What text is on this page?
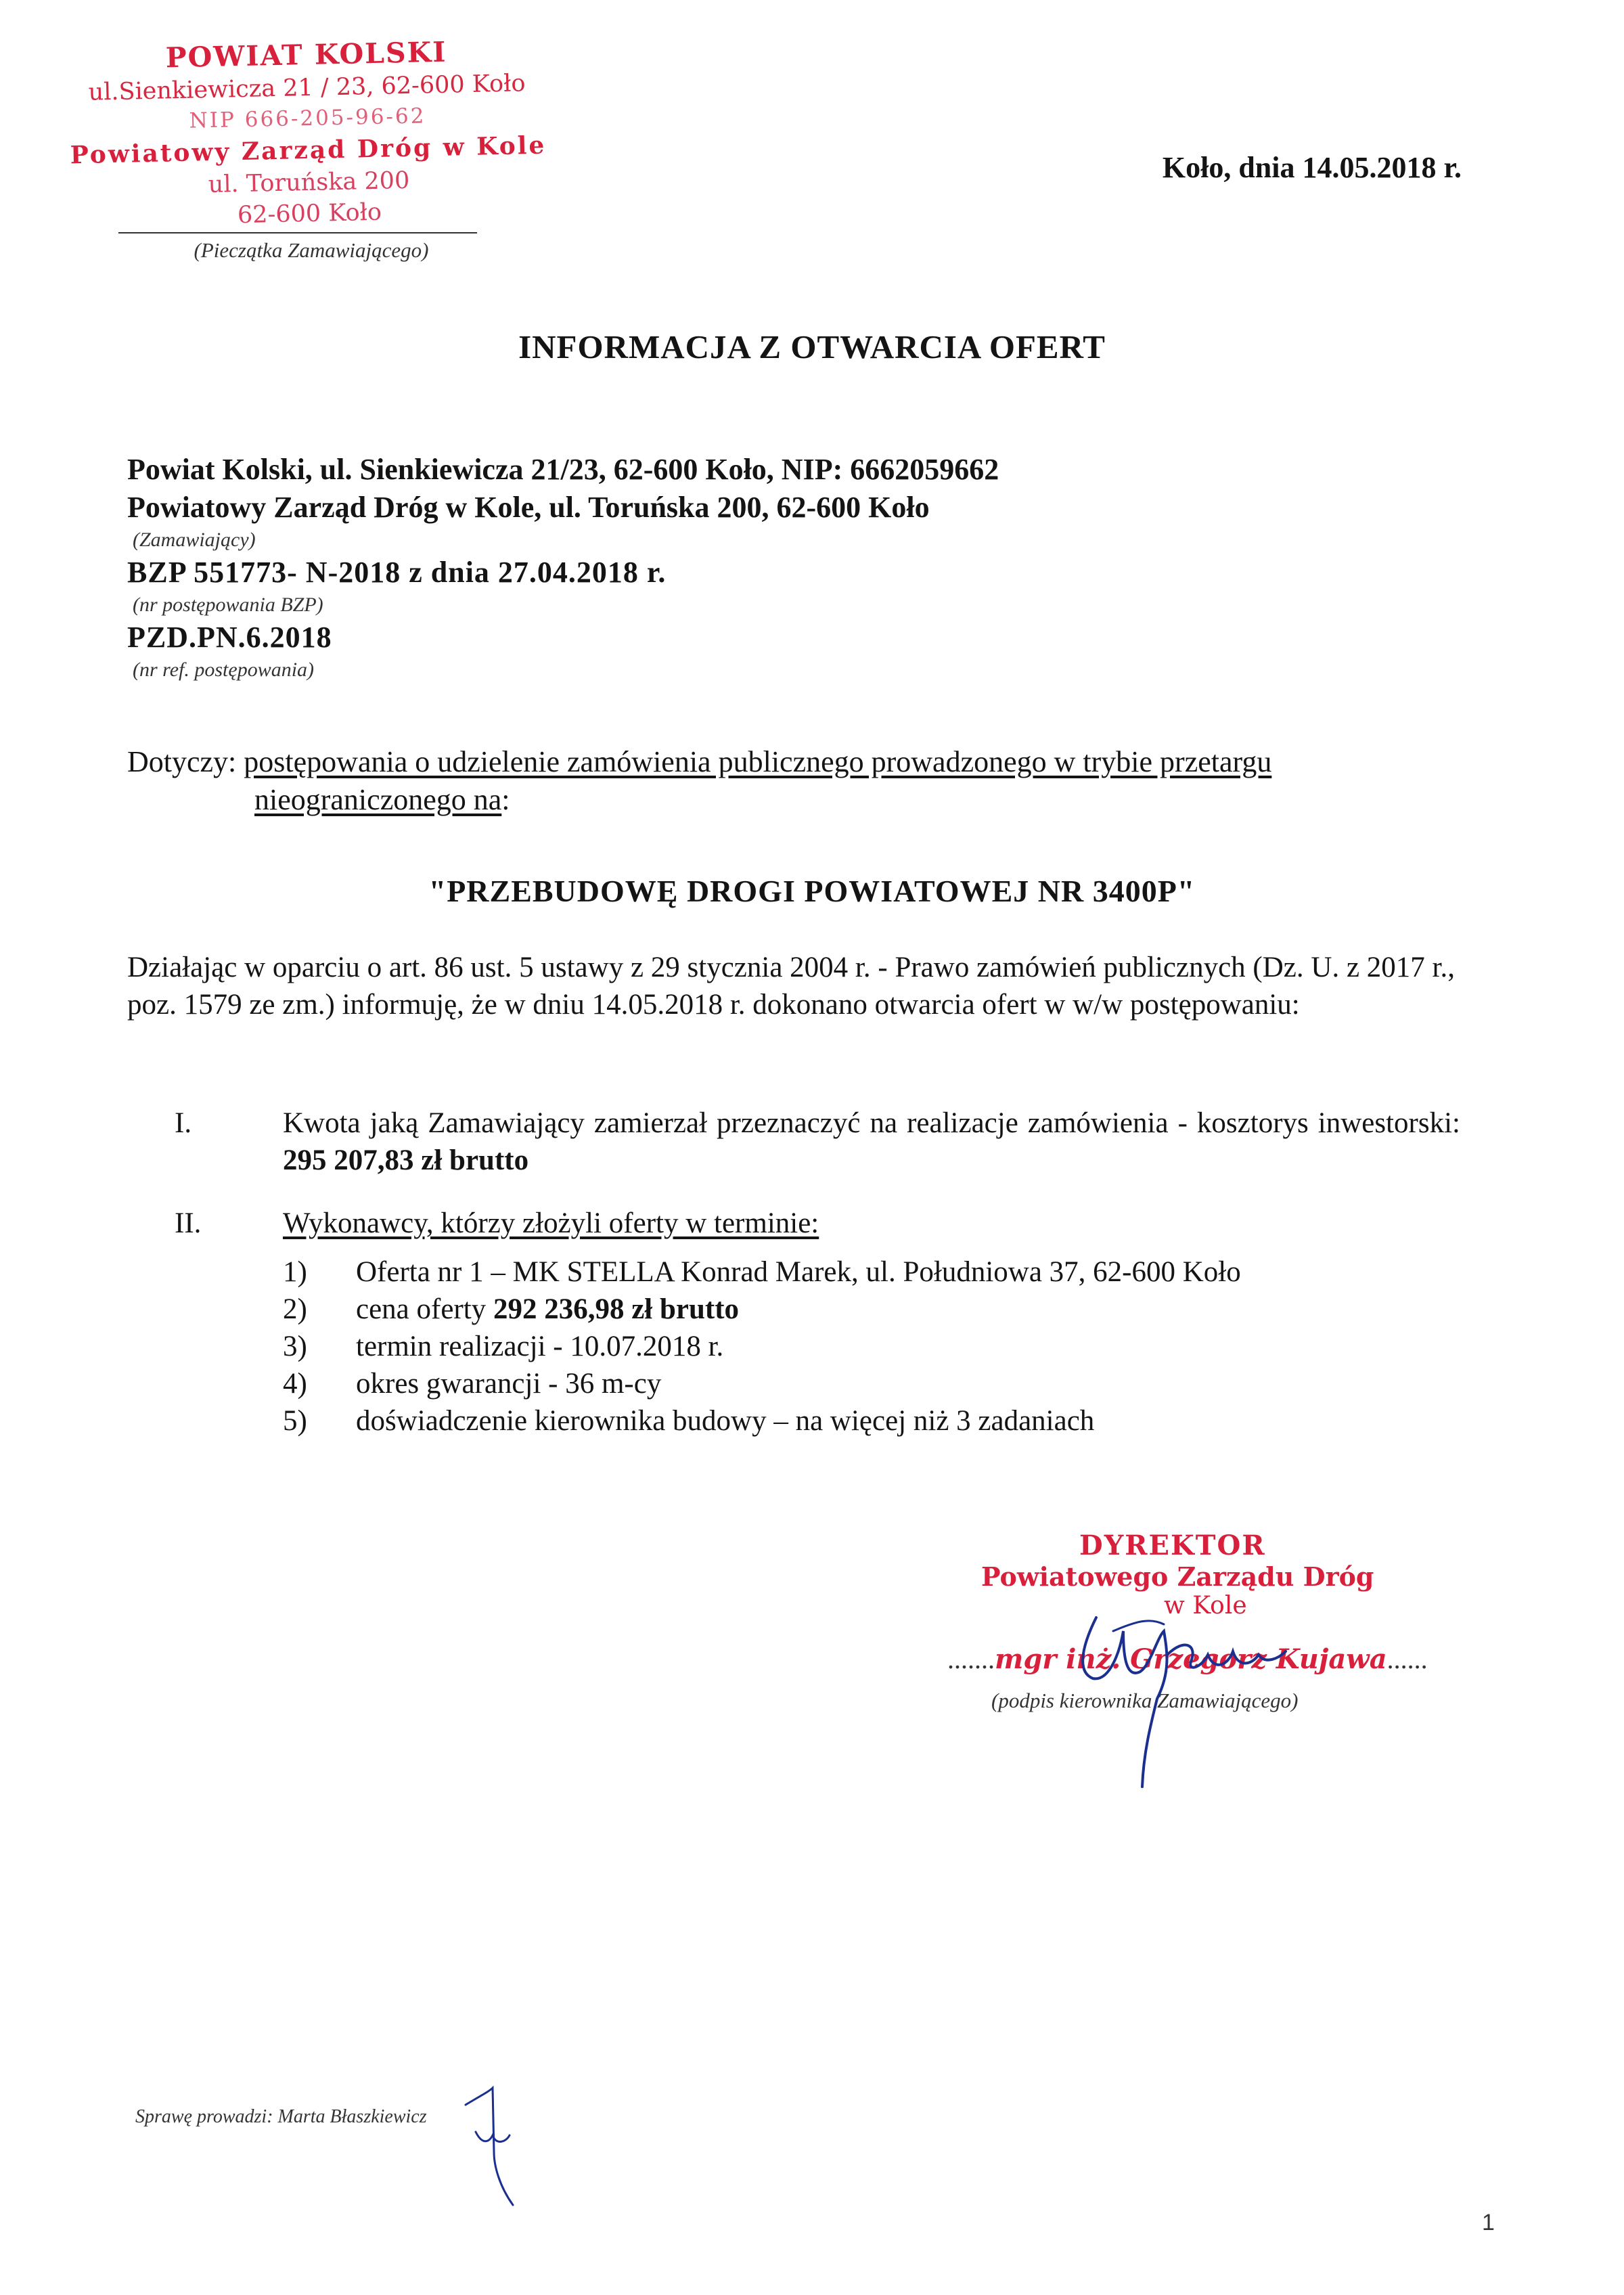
POWIAT KOLSKI
ul.Sienkiewicza 21 / 23, 62-600 Koło
NIP 666-205-96-62
Powiatowy Zarząd Dróg w Kole
ul. Toruńska 200
62-600 Koło
(Pieczątka Zamawiającego)
Koło, dnia 14.05.2018 r.
INFORMACJA Z OTWARCIA OFERT
Powiat Kolski, ul. Sienkiewicza 21/23, 62-600 Koło, NIP: 6662059662
Powiatowy Zarząd Dróg w Kole, ul. Toruńska 200, 62-600 Koło
(Zamawiający)
BZP 551773- N-2018 z dnia 27.04.2018 r.
(nr postępowania BZP)
PZD.PN.6.2018
(nr ref. postępowania)
Dotyczy: postępowania o udzielenie zamówienia publicznego prowadzonego w trybie przetargu
nieograniczonego na:
"PRZEBUDOWĘ DROGI POWIATOWEJ NR 3400P"
Działając w oparciu o art. 86 ust. 5 ustawy z 29 stycznia 2004 r. - Prawo zamówień publicznych (Dz. U. z 2017 r., poz. 1579 ze zm.) informuję, że w dniu 14.05.2018 r. dokonano otwarcia ofert w w/w postępowaniu:
I.	Kwota jaką Zamawiający zamierzał przeznaczyć na realizacje zamówienia - kosztorys inwestorski: 295 207,83 zł brutto
II.	Wykonawcy, którzy złożyli oferty w terminie:
1) Oferta nr 1 – MK STELLA Konrad Marek, ul. Południowa 37, 62-600 Koło
2) cena oferty 292 236,98 zł brutto
3) termin realizacji - 10.07.2018 r.
4) okres gwarancji - 36 m-cy
5) doświadczenie kierownika budowy – na więcej niż 3 zadaniach
DYREKTOR
Powiatowego Zarządu Dróg
w Kole
.......mgr inż. Grzegorz Kujawa......
(podpis kierownika Zamawiającego)
Sprawę prowadzi: Marta Błaszkiewicz
1
